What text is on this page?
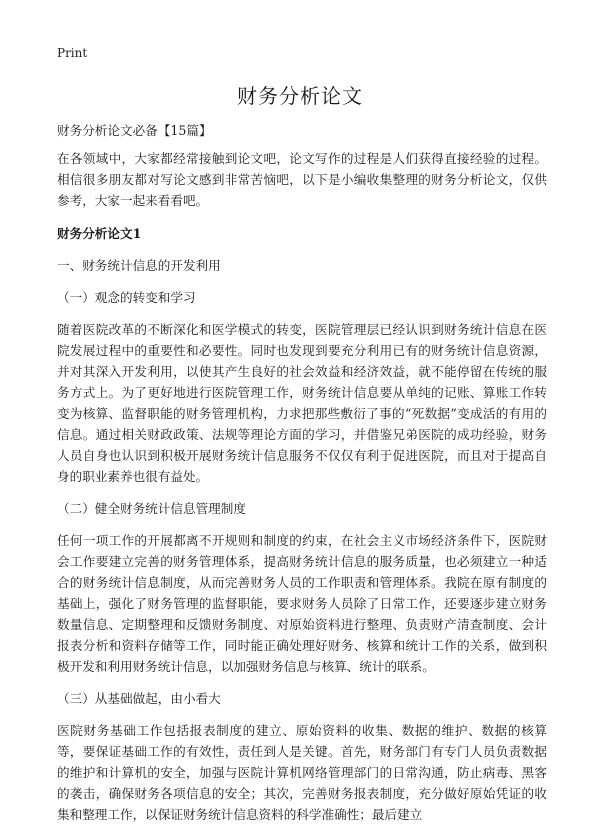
Print
财务分析论文

财务分析论文必备【15篇】

在各领域中，大家都经常接触到论文吧，论文写作的过程是人们获得直接经验的过程。相信很多朋友都对写论文感到非常苦恼吧，以下是小编收集整理的财务分析论文，仅供参考，大家一起来看看吧。

财务分析论文1

一、财务统计信息的开发利用

（一）观念的转变和学习

随着医院改革的不断深化和医学模式的转变，医院管理层已经认识到财务统计信息在医院发展过程中的重要性和必要性。同时也发现到要充分利用已有的财务统计信息资源，并对其深入开发利用，以使其产生良好的社会效益和经济效益，就不能停留在传统的服务方式上。为了更好地进行医院管理工作，财务统计信息要从单纯的记账、算账工作转变为核算、监督职能的财务管理机构，力求把那些敷衍了事的“死数据”变成活的有用的信息。通过相关财政政策、法规等理论方面的学习，并借鉴兄弟医院的成功经验，财务人员自身也认识到积极开展财务统计信息服务不仅仅有利于促进医院，而且对于提高自身的职业素养也很有益处。

（二）健全财务统计信息管理制度

任何一项工作的开展都离不开规则和制度的约束，在社会主义市场经济条件下，医院财会工作要建立完善的财务管理体系，提高财务统计信息的服务质量，也必须建立一种适合的财务统计信息制度，从而完善财务人员的工作职责和管理体系。我院在原有制度的基础上，强化了财务管理的监督职能，要求财务人员除了日常工作，还要逐步建立财务数量信息、定期整理和反馈财务制度、对原始资料进行整理、负责财产清查制度、会计报表分析和资料存储等工作，同时能正确处理好财务、核算和统计工作的关系，做到积极开发和利用财务统计信息，以加强财务信息与核算、统计的联系。

（三）从基础做起，由小看大

医院财务基础工作包括报表制度的建立、原始资料的收集、数据的维护、数据的核算等，要保证基础工作的有效性，责任到人是关键。首先，财务部门有专门人员负责数据的维护和计算机的安全，加强与医院计算机网络管理部门的日常沟通，防止病毒、黑客的袭击，确保财务各项信息的安全；其次，完善财务报表制度，充分做好原始凭证的收集和整理工作，以保证财务统计信息资料的科学准确性；最后建立
